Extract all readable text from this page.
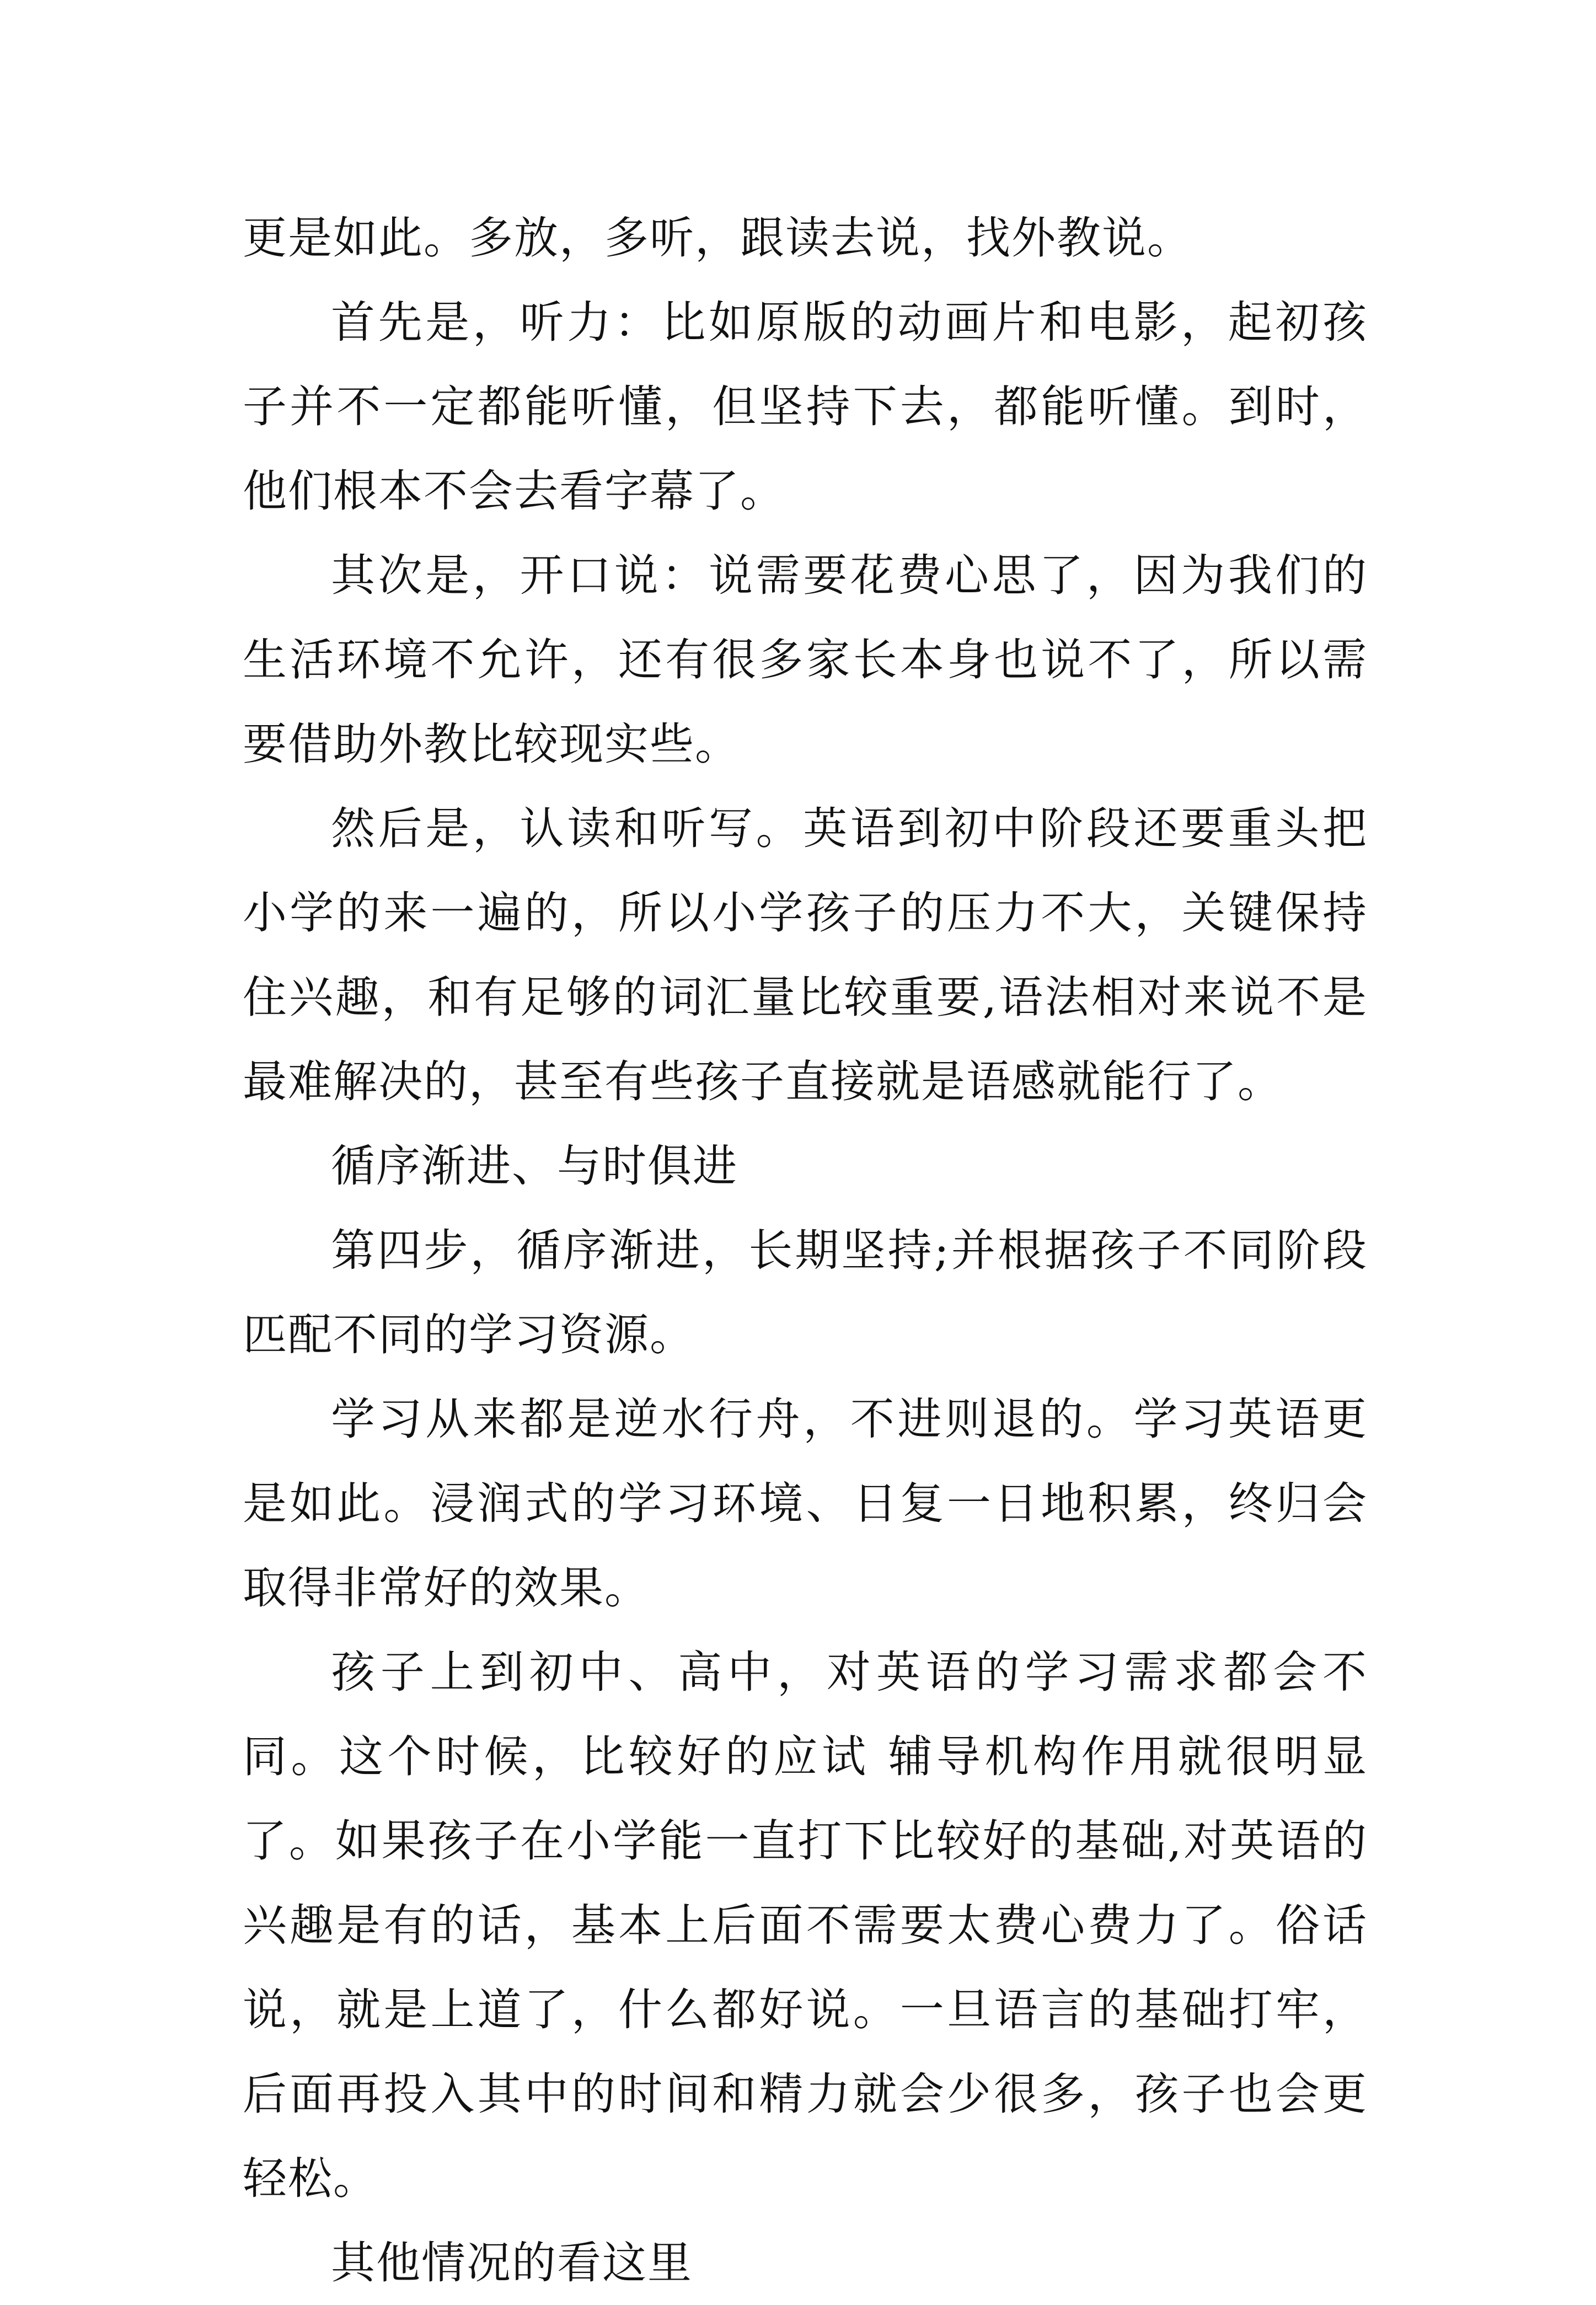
更是如此。多放，多听，跟读去说，找外教说。

首先是，听力：比如原版的动画片和电影，起初孩子并不一定都能听懂，但坚持下去，都能听懂。到时，他们根本不会去看字幕了。

其次是，开口说：说需要花费心思了，因为我们的生活环境不允许，还有很多家长本身也说不了，所以需要借助外教比较现实些。

然后是，认读和听写。英语到初中阶段还要重头把小学的来一遍的，所以小学孩子的压力不大，关键保持住兴趣，和有足够的词汇量比较重要,语法相对来说不是最难解决的，甚至有些孩子直接就是语感就能行了。

循序渐进、与时俱进

第四步，循序渐进，长期坚持;并根据孩子不同阶段匹配不同的学习资源。

学习从来都是逆水行舟，不进则退的。学习英语更是如此。浸润式的学习环境、日复一日地积累，终归会取得非常好的效果。

孩子上到初中、高中，对英语的学习需求都会不同。这个时候，比较好的应试 辅导机构作用就很明显了。如果孩子在小学能一直打下比较好的基础,对英语的兴趣是有的话，基本上后面不需要太费心费力了。俗话说，就是上道了，什么都好说。一旦语言的基础打牢，后面再投入其中的时间和精力就会少很多，孩子也会更轻松。

其他情况的看这里
